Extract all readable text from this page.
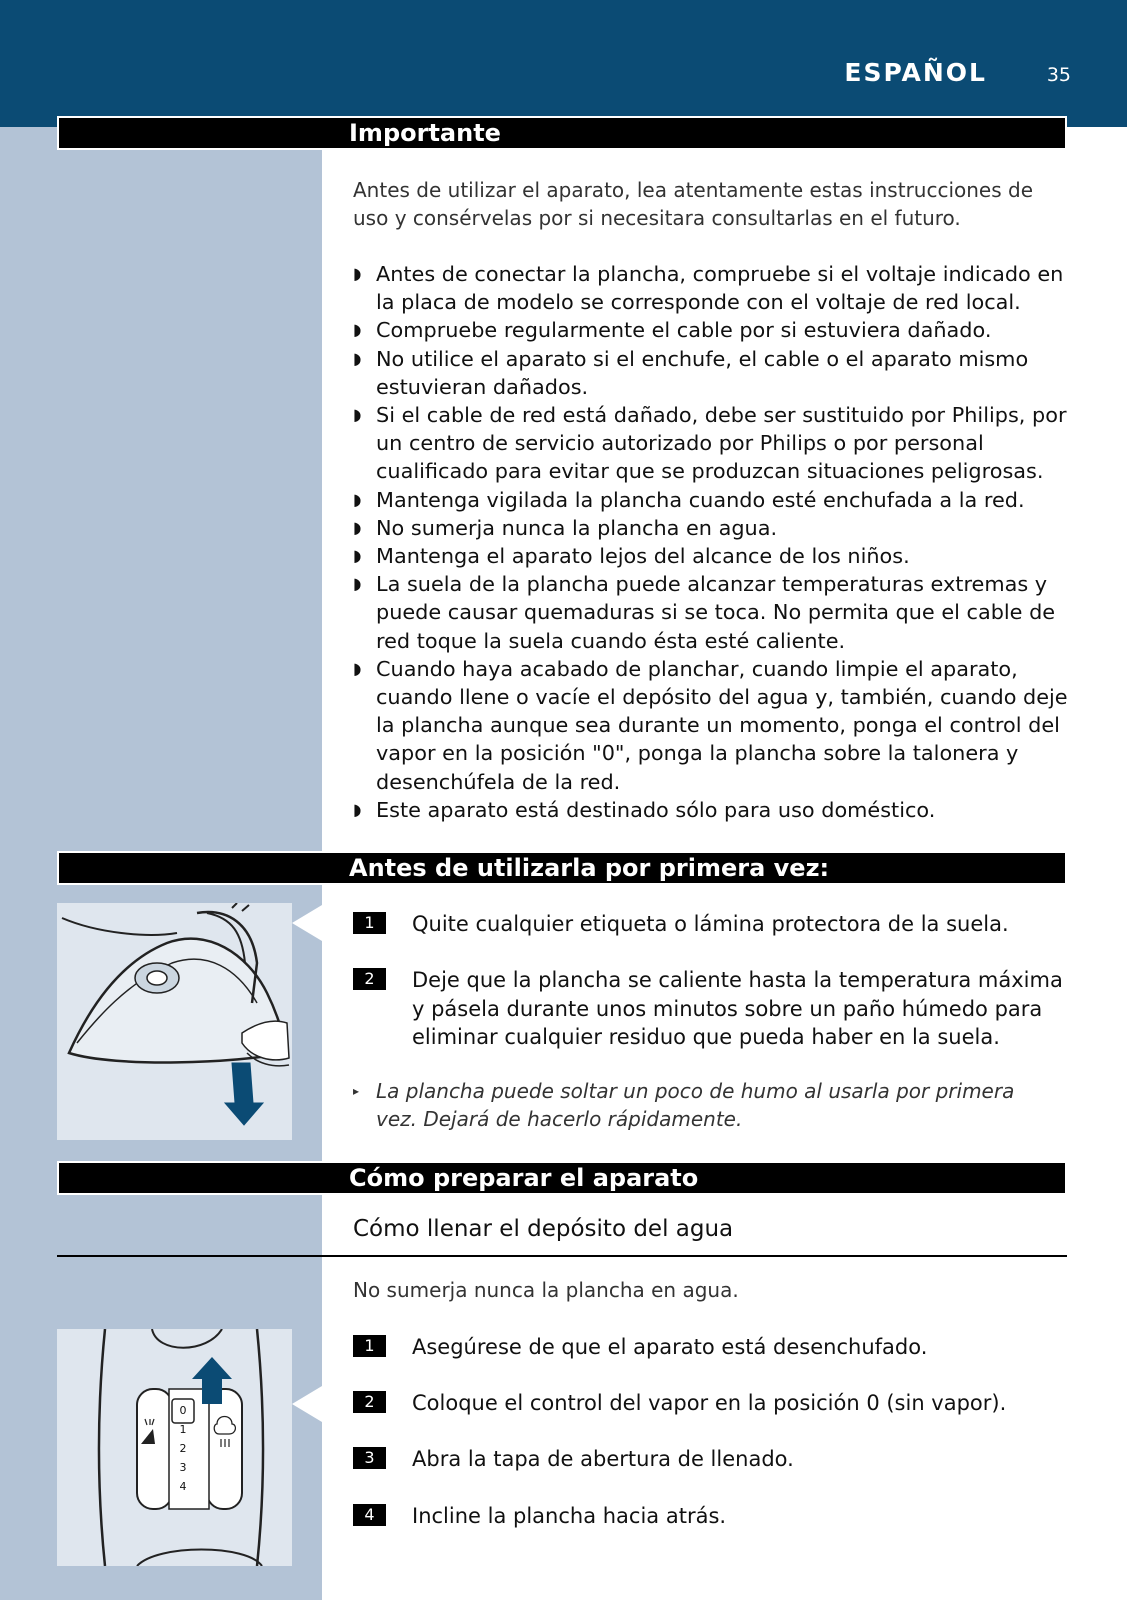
ESPAÑOL	35
Importante
Antes de utilizar el aparato, lea atentamente estas instrucciones de uso y consérvelas por si necesitara consultarlas en el futuro.
◗ Antes de conectar la plancha, compruebe si el voltaje indicado en la placa de modelo se corresponde con el voltaje de red local.
◗ Compruebe regularmente el cable por si estuviera dañado.
◗ No utilice el aparato si el enchufe, el cable o el aparato mismo estuvieran dañados.
◗ Si el cable de red está dañado, debe ser sustituido por Philips, por un centro de servicio autorizado por Philips o por personal cualificado para evitar que se produzcan situaciones peligrosas.
◗ Mantenga vigilada la plancha cuando esté enchufada a la red.
◗ No sumerja nunca la plancha en agua.
◗ Mantenga el aparato lejos del alcance de los niños.
◗ La suela de la plancha puede alcanzar temperaturas extremas y puede causar quemaduras si se toca. No permita que el cable de red toque la suela cuando ésta esté caliente.
◗ Cuando haya acabado de planchar, cuando limpie el aparato, cuando llene o vacíe el depósito del agua y, también, cuando deje la plancha aunque sea durante un momento, ponga el control del vapor en la posición "0", ponga la plancha sobre la talonera y desenchúfela de la red.
◗ Este aparato está destinado sólo para uso doméstico.
Antes de utilizarla por primera vez:
1	Quite cualquier etiqueta o lámina protectora de la suela.
2	Deje que la plancha se caliente hasta la temperatura máxima y pásela durante unos minutos sobre un paño húmedo para eliminar cualquier residuo que pueda haber en la suela.
▸ La plancha puede soltar un poco de humo al usarla por primera vez. Dejará de hacerlo rápidamente.
Cómo preparar el aparato
Cómo llenar el depósito del agua
No sumerja nunca la plancha en agua.
0
1
2
3
4
1	Asegúrese de que el aparato está desenchufado.
2	Coloque el control del vapor en la posición 0 (sin vapor).
3	Abra la tapa de abertura de llenado.
4	Incline la plancha hacia atrás.
